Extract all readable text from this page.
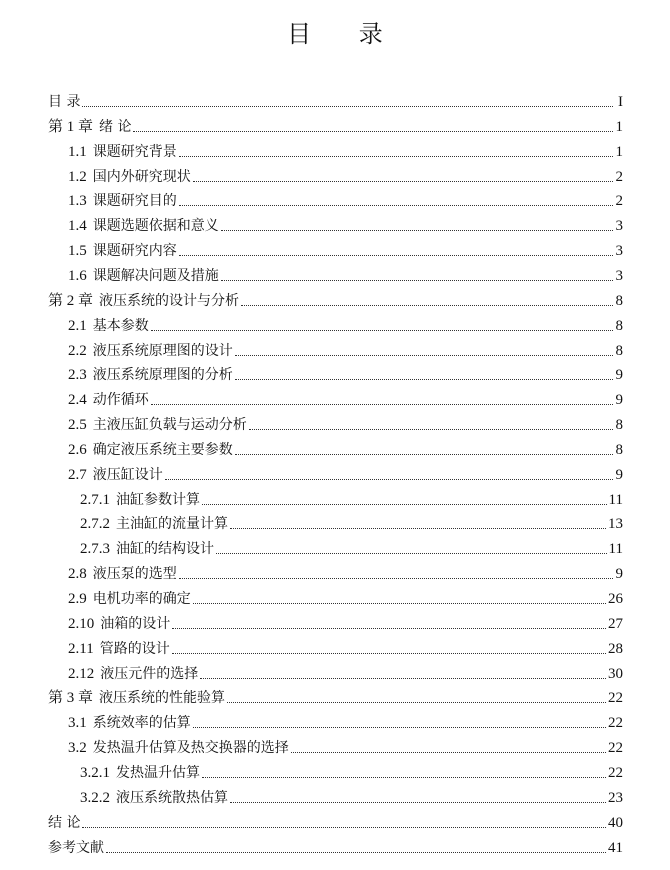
目 录
目 录	I
第 1 章 绪 论	1
1.1 课题研究背景	1
1.2 国内外研究现状	2
1.3 课题研究目的	2
1.4 课题选题依据和意义	3
1.5 课题研究内容	3
1.6 课题解决问题及措施	3
第 2 章 液压系统的设计与分析	8
2.1 基本参数	8
2.2 液压系统原理图的设计	8
2.3 液压系统原理图的分析	9
2.4 动作循环	9
2.5 主液压缸负载与运动分析	8
2.6 确定液压系统主要参数	8
2.7 液压缸设计	9
2.7.1 油缸参数计算	11
2.7.2 主油缸的流量计算	13
2.7.3 油缸的结构设计	11
2.8 液压泵的选型	9
2.9 电机功率的确定	26
2.10 油箱的设计	27
2.11 管路的设计	28
2.12 液压元件的选择	30
第 3 章 液压系统的性能验算	22
3.1 系统效率的估算	22
3.2 发热温升估算及热交换器的选择	22
3.2.1 发热温升估算	22
3.2.2 液压系统散热估算	23
结 论	40
参考文献	41
